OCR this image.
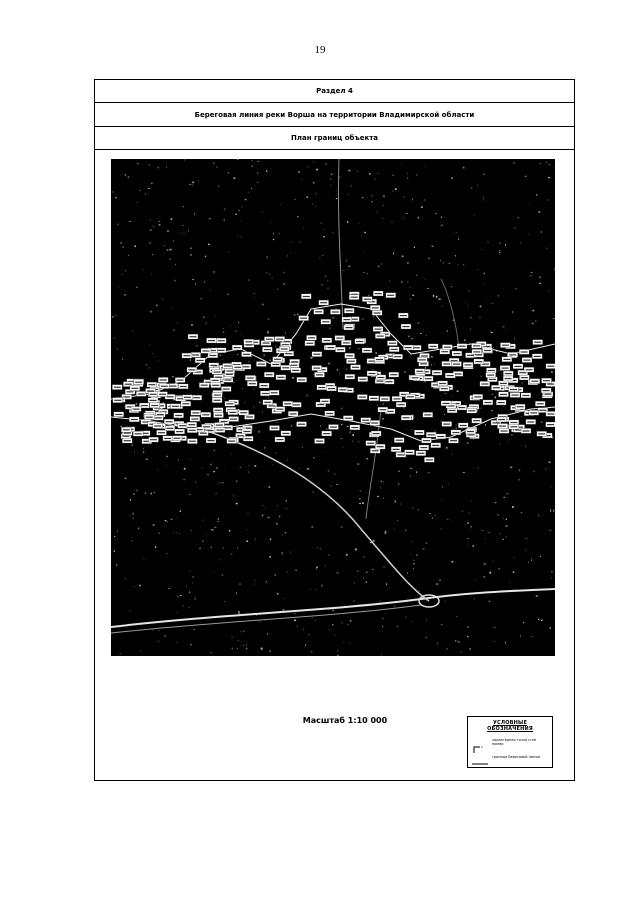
19
Раздел 4
Береговая линия реки Ворша на территории Владимирской области
План границ объекта
Масштаб 1:10 000	УСЛОВНЫЕ ОБОЗНАЧЕНИЯ
1
характерная точка и её номер
граница береговой линии
